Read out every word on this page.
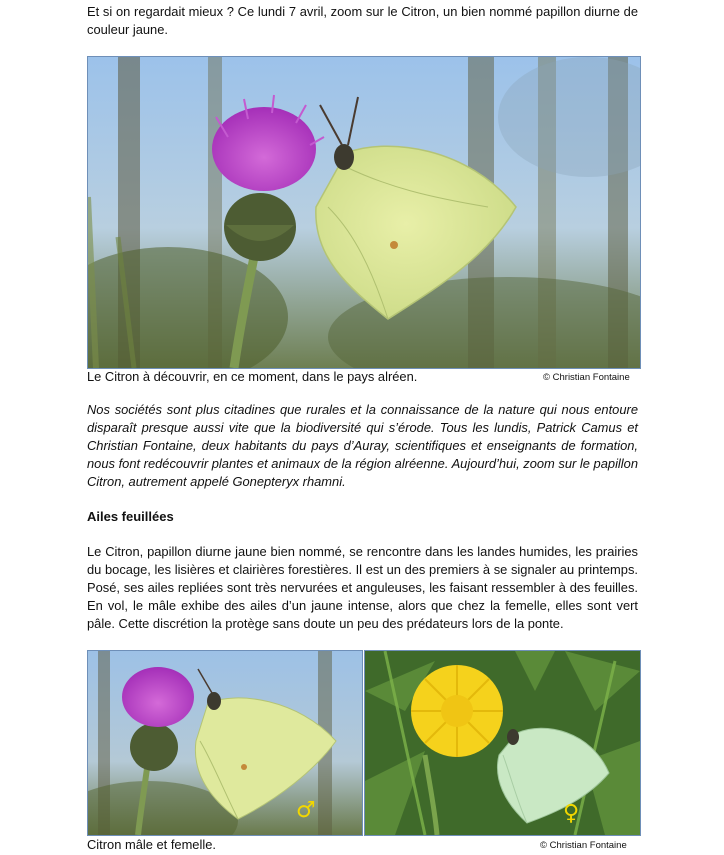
Et si on regardait mieux ? Ce lundi 7 avril, zoom sur le Citron, un bien nommé papillon diurne de couleur jaune.

Le Citron à découvrir, en ce moment, dans le pays alréen.	© Christian Fontaine

Nos sociétés sont plus citadines que rurales et la connaissance de la nature qui nous entoure disparaît presque aussi vite que la biodiversité qui s’érode. Tous les lundis, Patrick Camus et Christian Fontaine, deux habitants du pays d’Auray, scientifiques et enseignants de formation, nous font redécouvrir plantes et animaux de la région alréenne. Aujourd’hui, zoom sur le papillon Citron, autrement appelé Gonepteryx rhamni.

Ailes feuillées

Le Citron, papillon diurne jaune bien nommé, se rencontre dans les landes humides, les prairies du bocage, les lisières et clairières forestières. Il est un des premiers à se signaler au printemps. Posé, ses ailes repliées sont très nervurées et anguleuses, les faisant ressembler à des feuilles. En vol, le mâle exhibe des ailes d’un jaune intense, alors que chez la femelle, elles sont vert pâle. Cette discrétion la protège sans doute un peu des prédateurs lors de la ponte.

♂	♀

Citron mâle et femelle.	© Christian Fontaine
